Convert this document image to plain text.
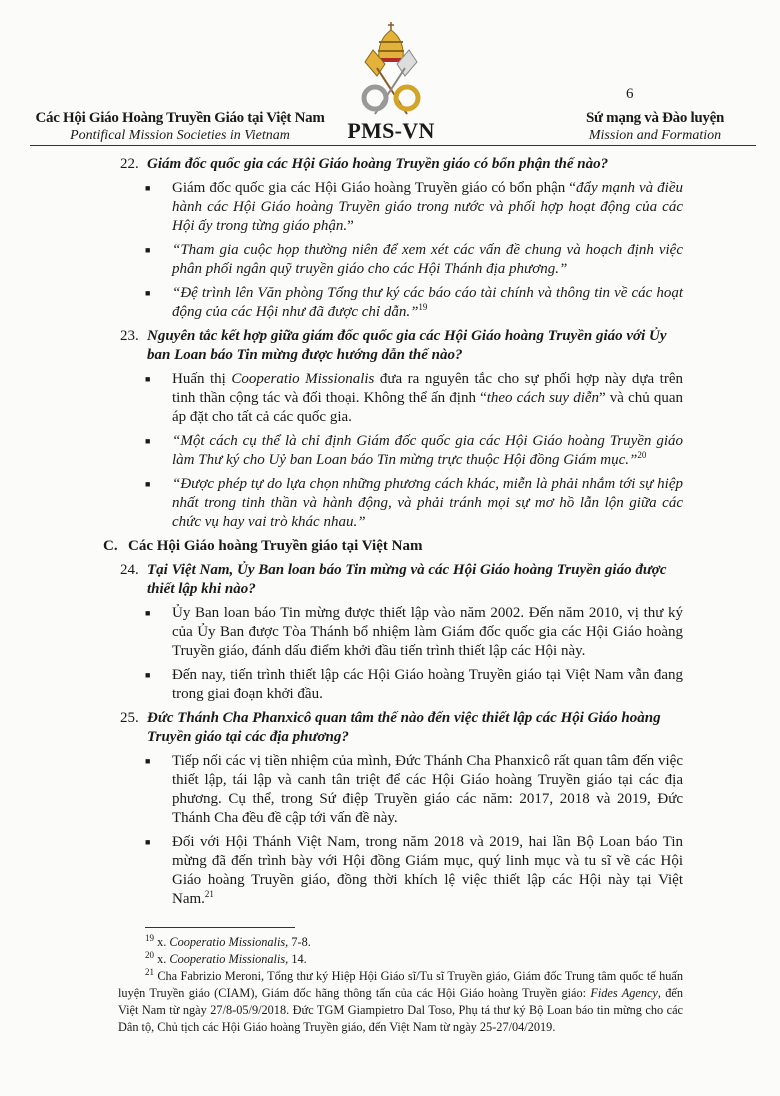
Các Hội Giáo Hoàng Truyền Giáo tại Việt Nam
Pontifical Mission Societies in Vietnam	PMS-VN
6
Sứ mạng và Đào luyện
Mission and Formation
22. Giám đốc quốc gia các Hội Giáo hoàng Truyền giáo có bổn phận thế nào?
■	Giám đốc quốc gia các Hội Giáo hoàng Truyền giáo có bổn phận “đẩy mạnh và điều hành các Hội Giáo hoàng Truyền giáo trong nước và phối hợp hoạt động của các Hội ấy trong từng giáo phận.”
■	“Tham gia cuộc họp thường niên để xem xét các vấn đề chung và hoạch định việc phân phối ngân quỹ truyền giáo cho các Hội Thánh địa phương.”
■	“Đệ trình lên Văn phòng Tổng thư ký các báo cáo tài chính và thông tin về các hoạt động của các Hội như đã được chỉ dẫn.”$^{19}$
23. Nguyên tắc kết hợp giữa giám đốc quốc gia các Hội Giáo hoàng Truyền giáo với Ủy ban Loan báo Tin mừng được hướng dẫn thế nào?
■	Huấn thị Cooperatio Missionalis đưa ra nguyên tắc cho sự phối hợp này dựa trên tinh thần cộng tác và đối thoại. Không thể ấn định “theo cách suy diễn” và chủ quan áp đặt cho tất cả các quốc gia.
■	“Một cách cụ thể là chỉ định Giám đốc quốc gia các Hội Giáo hoàng Truyền giáo làm Thư ký cho Uỷ ban Loan báo Tin mừng trực thuộc Hội đồng Giám mục.”$^{20}$
■	“Được phép tự do lựa chọn những phương cách khác, miễn là phải nhắm tới sự hiệp nhất trong tinh thần và hành động, và phải tránh mọi sự mơ hồ lẫn lộn giữa các chức vụ hay vai trò khác nhau.”
C. Các Hội Giáo hoàng Truyền giáo tại Việt Nam
24. Tại Việt Nam, Ủy Ban loan báo Tin mừng và các Hội Giáo hoàng Truyền giáo được thiết lập khi nào?
■	Ủy Ban loan báo Tin mừng được thiết lập vào năm 2002. Đến năm 2010, vị thư ký của Ủy Ban được Tòa Thánh bổ nhiệm làm Giám đốc quốc gia các Hội Giáo hoàng Truyền giáo, đánh dấu điểm khởi đầu tiến trình thiết lập các Hội này.
■	Đến nay, tiến trình thiết lập các Hội Giáo hoàng Truyền giáo tại Việt Nam vẫn đang trong giai đoạn khởi đầu.
25. Đức Thánh Cha Phanxicô quan tâm thế nào đến việc thiết lập các Hội Giáo hoàng Truyền giáo tại các địa phương?
■	Tiếp nối các vị tiền nhiệm của mình, Đức Thánh Cha Phanxicô rất quan tâm đến việc thiết lập, tái lập và canh tân triệt để các Hội Giáo hoàng Truyền giáo tại các địa phương. Cụ thể, trong Sứ điệp Truyền giáo các năm: 2017, 2018 và 2019, Đức Thánh Cha đều đề cập tới vấn đề này.
■	Đối với Hội Thánh Việt Nam, trong năm 2018 và 2019, hai lần Bộ Loan báo Tin mừng đã đến trình bày với Hội đồng Giám mục, quý linh mục và tu sĩ về các Hội Giáo hoàng Truyền giáo, đồng thời khích lệ việc thiết lập các Hội này tại Việt Nam.$^{21}$
$^{19}$ x. Cooperatio Missionalis, 7-8.
$^{20}$ x. Cooperatio Missionalis, 14.
$^{21}$ Cha Fabrizio Meroni, Tổng thư ký Hiệp Hội Giáo sĩ/Tu sĩ Truyền giáo, Giám đốc Trung tâm quốc tế huấn luyện Truyền giáo (CIAM), Giám đốc hãng thông tấn của các Hội Giáo hoàng Truyền giáo: Fides Agency, đến Việt Nam từ ngày 27/8-05/9/2018. Đức TGM Giampietro Dal Toso, Phụ tá thư ký Bộ Loan báo tin mừng cho các Dân tộ, Chủ tịch các Hội Giáo hoàng Truyền giáo, đến Việt Nam từ ngày 25-27/04/2019.
